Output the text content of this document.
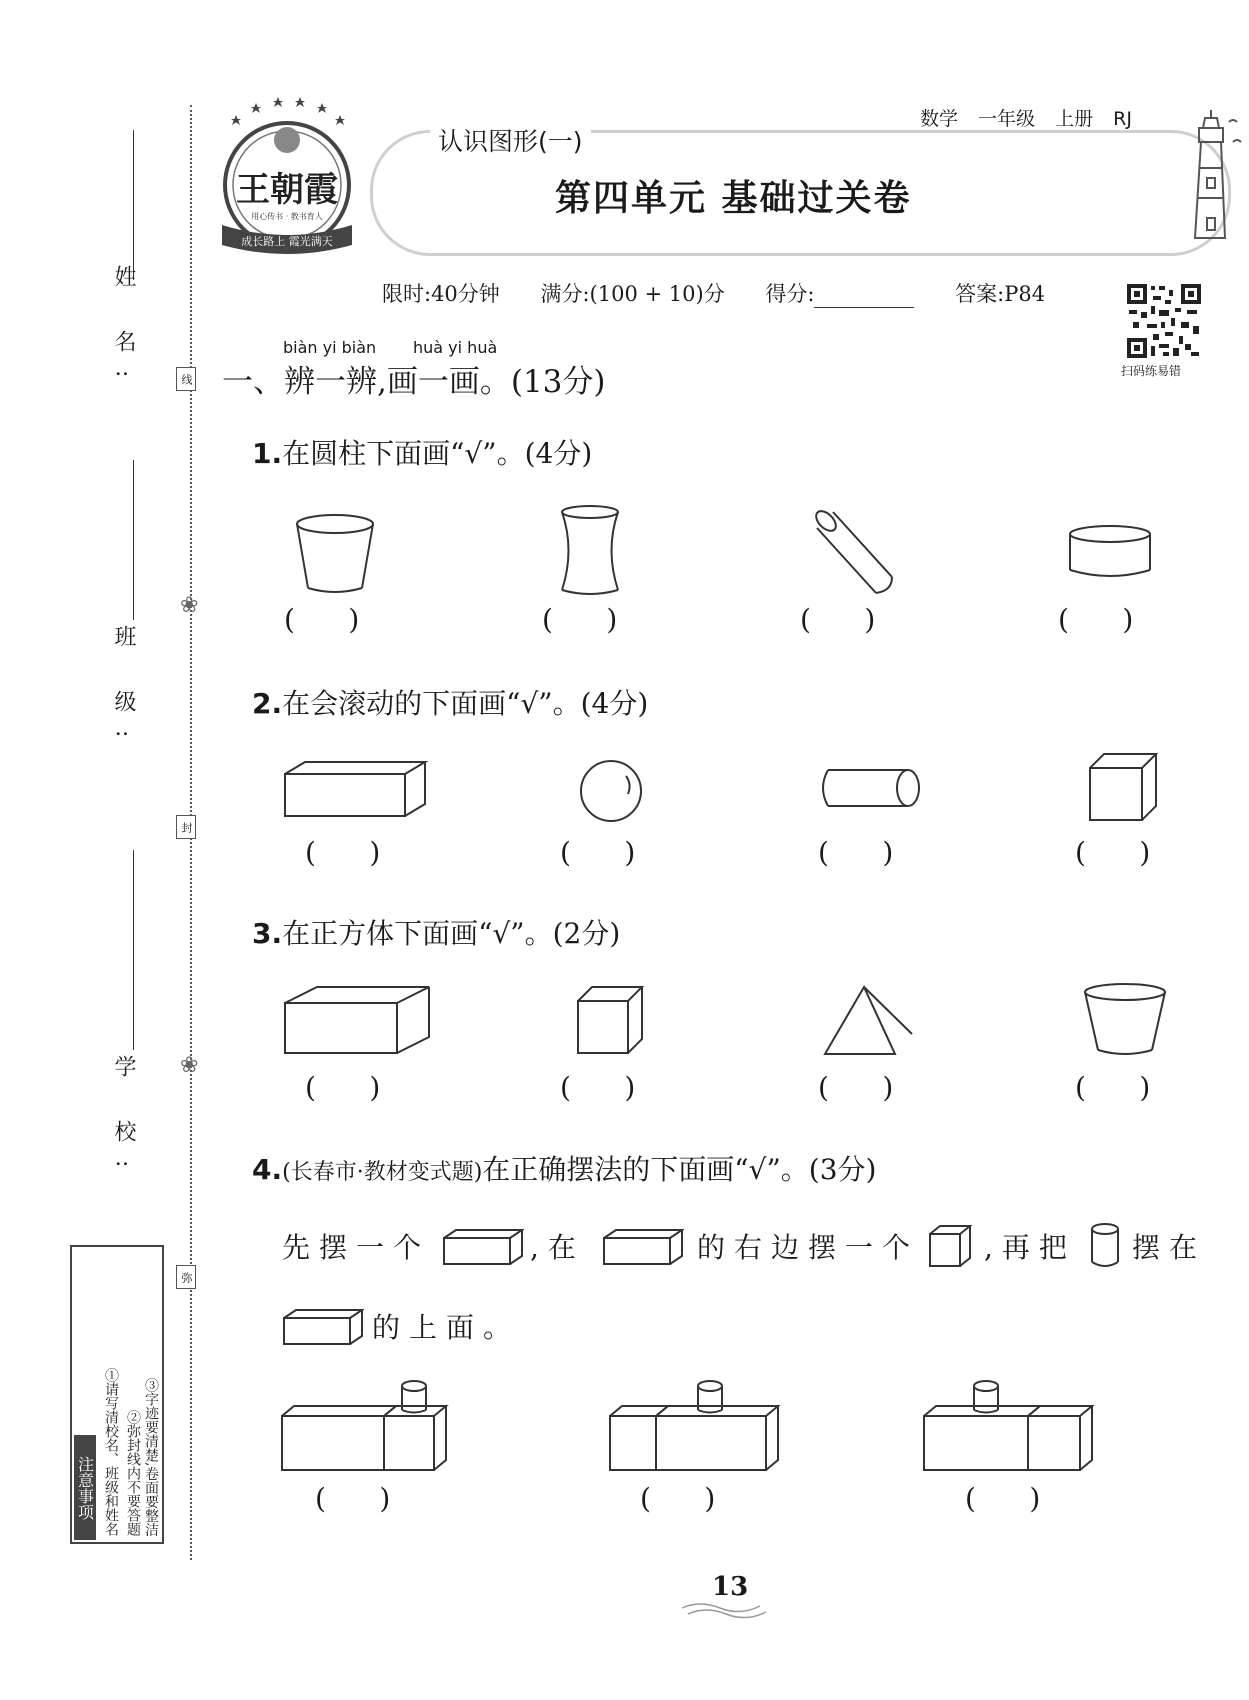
姓 名:
班 级:
学 校:
线
封
弥
❀
❀
注意事项 ①请写清校名、班级和姓名 ②弥封线内不要答题 ③字迹要清楚,卷面要整洁
认识图形(一)
数学 一年级 上册 RJ
第四单元 基础过关卷
王朝霞
用心传书 · 教书育人
成长路上 霞光满天
限时:40分钟 满分:(100 + 10)分 得分:	答案:P84
扫码练易错
biàn yi biàn huà yi huà
一、辨一辨,画一画。(13分)
1.在圆柱下面画“√”。(4分)
(      )	(      )	(      )	(      )
2.在会滚动的下面画“√”。(4分)
(      )	(      )	(      )	(      )
3.在正方体下面画“√”。(2分)
(      )	(      )	(      )	(      )
4.(长春市·教材变式题)在正确摆法的下面画“√”。(3分)
先摆一个	,在	的右边摆一个 ,再把 摆在
的上面。
(      )	(      )	(      )
13
